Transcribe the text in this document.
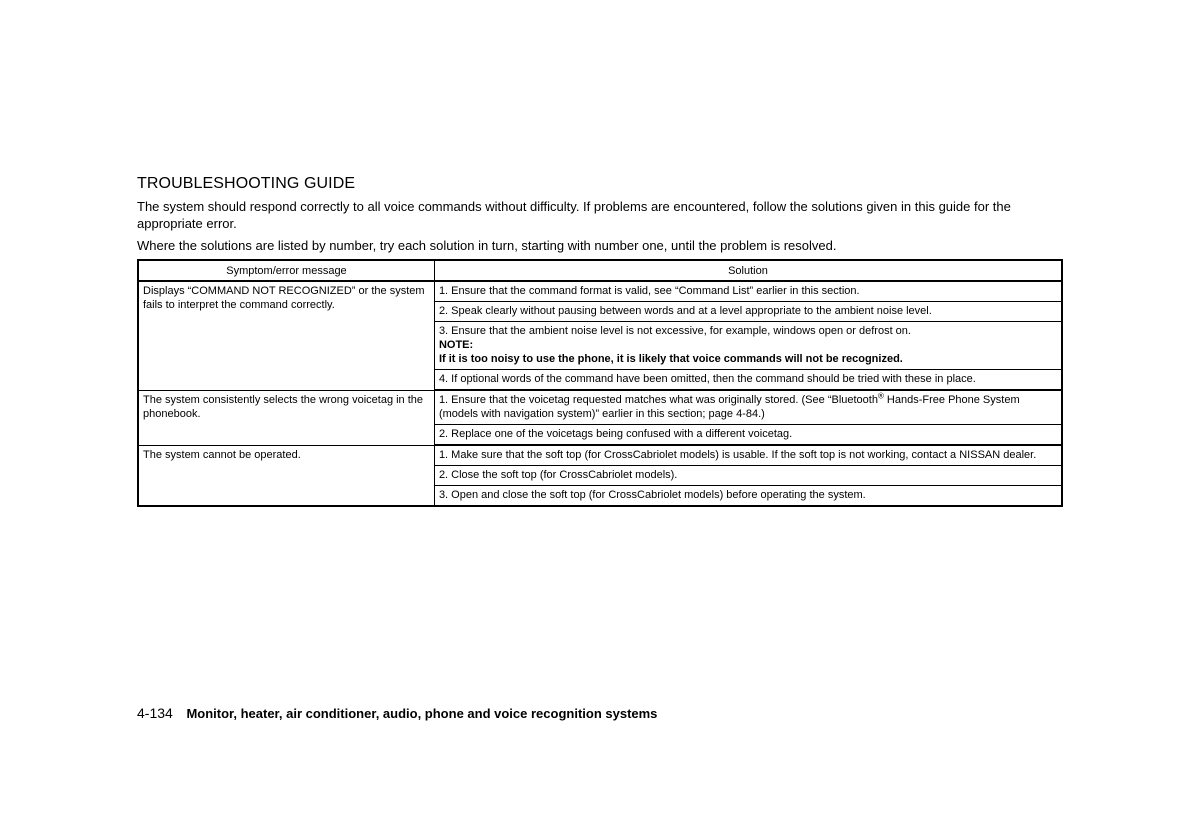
TROUBLESHOOTING GUIDE

The system should respond correctly to all voice commands without difficulty. If problems are encountered, follow the solutions given in this guide for the appropriate error.

Where the solutions are listed by number, try each solution in turn, starting with number one, until the problem is resolved.

Symptom/error message	Solution
Displays “COMMAND NOT RECOGNIZED” or the system fails to interpret the command correctly.	1. Ensure that the command format is valid, see “Command List” earlier in this section.
	2. Speak clearly without pausing between words and at a level appropriate to the ambient noise level.
	3. Ensure that the ambient noise level is not excessive, for example, windows open or defrost on.
NOTE:
If it is too noisy to use the phone, it is likely that voice commands will not be recognized.

	4. If optional words of the command have been omitted, then the command should be tried with these in place.
The system consistently selects the wrong voicetag in the phonebook.	1. Ensure that the voicetag requested matches what was originally stored. (See “Bluetooth® Hands-Free Phone System (models with navigation system)” earlier in this section; page 4-84.)
	2. Replace one of the voicetags being confused with a different voicetag.
The system cannot be operated.	1. Make sure that the soft top (for CrossCabriolet models) is usable. If the soft top is not working, contact a NISSAN dealer.
	2. Close the soft top (for CrossCabriolet models).
	3. Open and close the soft top (for CrossCabriolet models) before operating the system.
4-134 Monitor, heater, air conditioner, audio, phone and voice recognition systems
